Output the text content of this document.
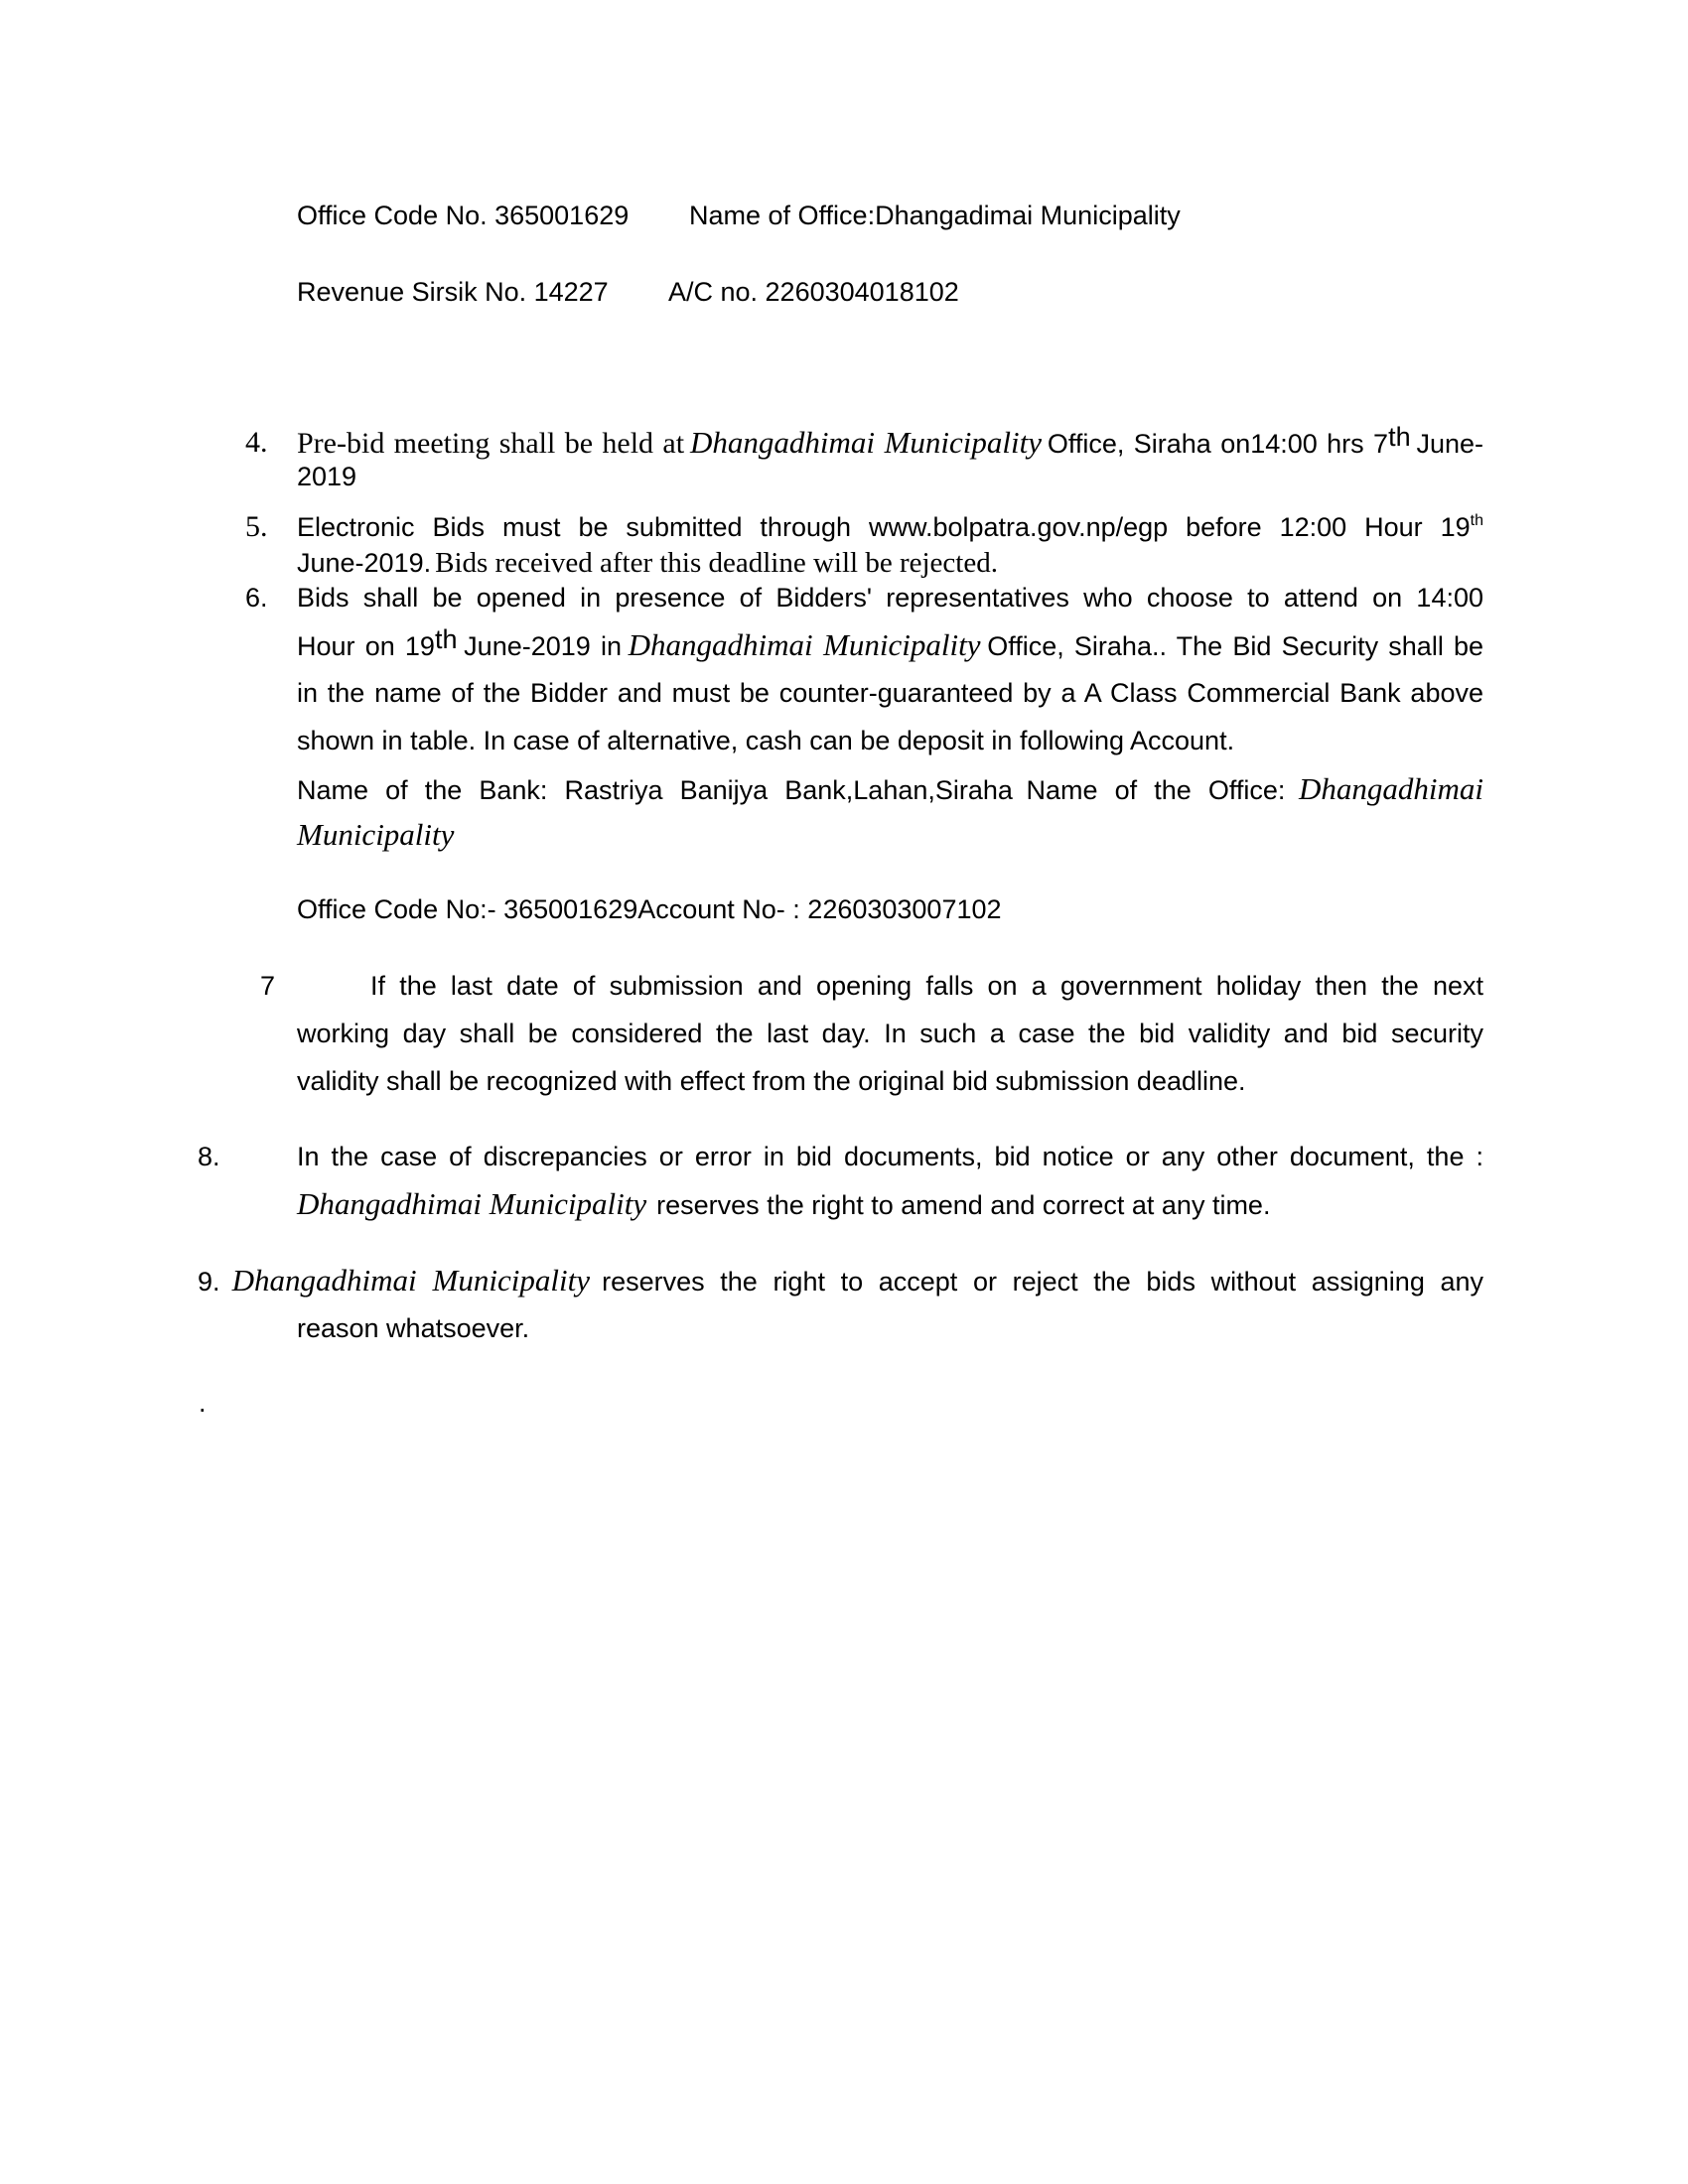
Office Code No. 365001629 Name of Office:Dhangadimai Municipality
Revenue Sirsik No. 14227 A/C no. 2260304018102
4. Pre-bid meeting shall be held at Dhangadhimai Municipality Office, Siraha on14:00 hrs 7th June-
2019
5. Electronic Bids must be submitted through www.bolpatra.gov.np/egp before 12:00 Hour 19th
June-2019. Bids received after this deadline will be rejected.
6. Bids shall be opened in presence of Bidders' representatives who choose to attend on 14:00
Hour on 19th June-2019 in Dhangadhimai Municipality Office, Siraha.. The Bid Security shall be
in the name of the Bidder and must be counter-guaranteed by a A Class Commercial Bank above
shown in table. In case of alternative, cash can be deposit in following Account.
Name of the Bank: Rastriya Banijya Bank,Lahan,Siraha Name of the Office: Dhangadhimai
Municipality
Office Code No:- 365001629Account No- : 2260303007102
7	If the last date of submission and opening falls on a government holiday then the next
working day shall be considered the last day. In such a case the bid validity and bid security
validity shall be recognized with effect from the original bid submission deadline.
8.	In the case of discrepancies or error in bid documents, bid notice or any other document, the :
Dhangadhimai Municipality reserves the right to amend and correct at any time.
9. Dhangadhimai Municipality reserves the right to accept or reject the bids without assigning any
reason whatsoever.
.
